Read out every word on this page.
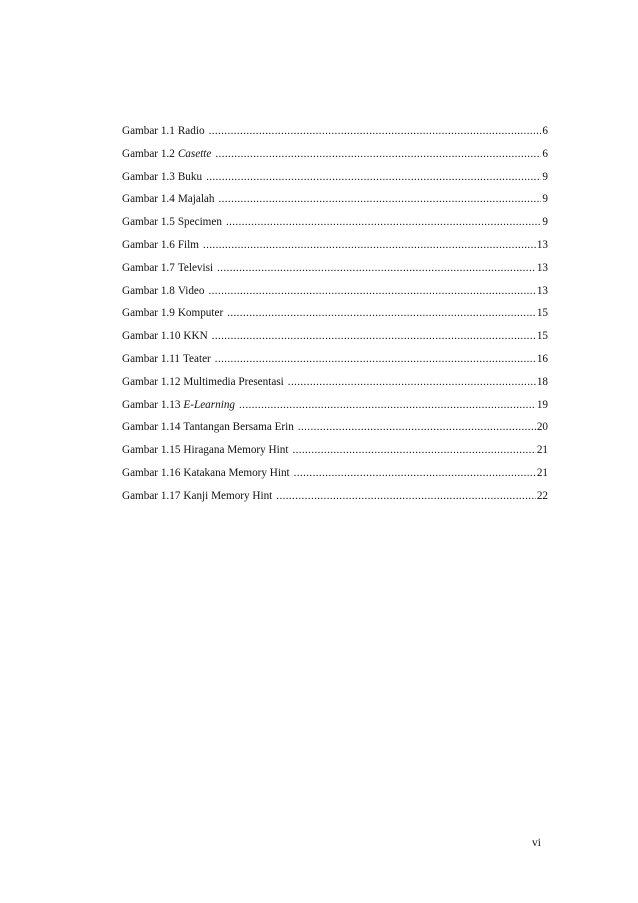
Gambar 1.1 Radio .....	6
Gambar 1.2 Casette .....	6
Gambar 1.3 Buku .....	9
Gambar 1.4 Majalah .....	9
Gambar 1.5 Specimen .....	9
Gambar 1.6 Film .....	13
Gambar 1.7 Televisi .....	13
Gambar 1.8 Video .....	13
Gambar 1.9 Komputer .....	15
Gambar 1.10 KKN .....	15
Gambar 1.11 Teater .....	16
Gambar 1.12 Multimedia Presentasi .....	18
Gambar 1.13 E-Learning .....	19
Gambar 1.14 Tantangan Bersama Erin .....	20
Gambar 1.15 Hiragana Memory Hint .....	21
Gambar 1.16 Katakana Memory Hint .....	21
Gambar 1.17 Kanji Memory Hint .....	22
vi
